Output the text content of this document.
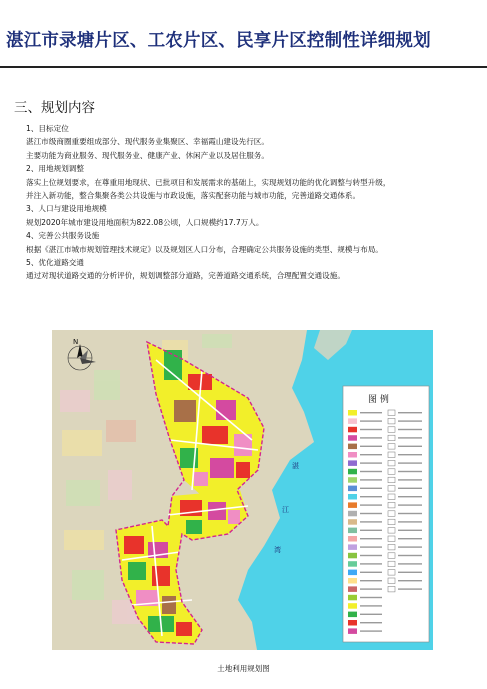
湛江市录塘片区、工农片区、民享片区控制性详细规划
三、规划内容
1、目标定位
湛江市级商圈重要组成部分、现代服务业集聚区、幸福霞山建设先行区。
主要功能为商业服务、现代服务业、健康产业、休闲产业以及居住服务。
2、用地规划调整
落实上位规划要求，在尊重用地现状、已批项目和发展需求的基础上，实现规划功能的优化调整与转型升级，
并注入新功能，整合集聚各类公共设施与市政设施，落实配套功能与城市功能，完善道路交通体系。
3、人口与建设用地规模
规划2020年城市建设用地面积为822.08公顷，人口规模约17.7万人。
4、完善公共服务设施
根据《湛江市城市规划管理技术规定》以及规划区人口分布，合理确定公共服务设施的类型、规模与布局。
5、优化道路交通
通过对现状道路交通的分析评价，规划调整部分道路，完善道路交通系统，合理配置交通设施。
N
湛
江
湾
图 例
土地利用规划图
